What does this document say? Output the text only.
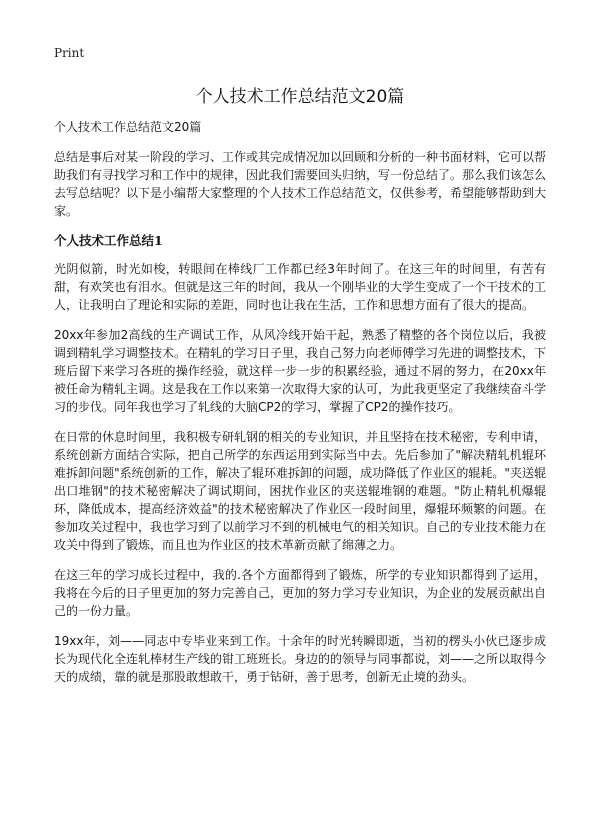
Print
个人技术工作总结范文20篇

个人技术工作总结范文20篇

总结是事后对某一阶段的学习、工作或其完成情况加以回顾和分析的一种书面材料，它可以帮助我们有寻找学习和工作中的规律，因此我们需要回头归纳，写一份总结了。那么我们该怎么去写总结呢？以下是小编帮大家整理的个人技术工作总结范文，仅供参考，希望能够帮助到大家。

个人技术工作总结1

光阴似箭，时光如梭，转眼间在棒线厂工作都已经3年时间了。在这三年的时间里，有苦有甜，有欢笑也有泪水。但就是这三年的时间，我从一个刚毕业的大学生变成了一个干技术的工人，让我明白了理论和实际的差距，同时也让我在生活，工作和思想方面有了很大的提高。

20xx年参加2高线的生产调试工作，从风冷线开始干起，熟悉了精整的各个岗位以后，我被调到精轧学习调整技术。在精轧的学习日子里，我自己努力向老师傅学习先进的调整技术，下班后留下来学习各班的操作经验，就这样一步一步的积累经验，通过不屑的努力，在20xx年被任命为精轧主调。这是我在工作以来第一次取得大家的认可，为此我更坚定了我继续奋斗学习的步伐。同年我也学习了轧线的大脑CP2的学习，掌握了CP2的操作技巧。

在日常的休息时间里，我积极专研轧钢的相关的专业知识，并且坚持在技术秘密，专利申请，系统创新方面结合实际，把自己所学的东西运用到实际当中去。先后参加了"解决精轧机辊环难拆卸问题"系统创新的工作，解决了辊环难拆卸的问题，成功降低了作业区的辊耗。"夹送辊出口堆钢"的技术秘密解决了调试期间，困扰作业区的夹送辊堆钢的难题。"防止精轧机爆辊环，降低成本，提高经济效益"的技术秘密解决了作业区一段时间里，爆辊环频繁的问题。在参加攻关过程中，我也学习到了以前学习不到的机械电气的相关知识。自己的专业技术能力在攻关中得到了锻炼，而且也为作业区的技术革新贡献了绵薄之力。

在这三年的学习成长过程中，我的.各个方面都得到了锻炼，所学的专业知识都得到了运用，我将在今后的日子里更加的努力完善自己，更加的努力学习专业知识，为企业的发展贡献出自己的一份力量。

19xx年，刘——同志中专毕业来到工作。十余年的时光转瞬即逝，当初的楞头小伙已逐步成长为现代化全连轧棒材生产线的钳工班班长。身边的的领导与同事都说，刘——之所以取得今天的成绩，靠的就是那股敢想敢干，勇于钻研，善于思考，创新无止境的劲头。
